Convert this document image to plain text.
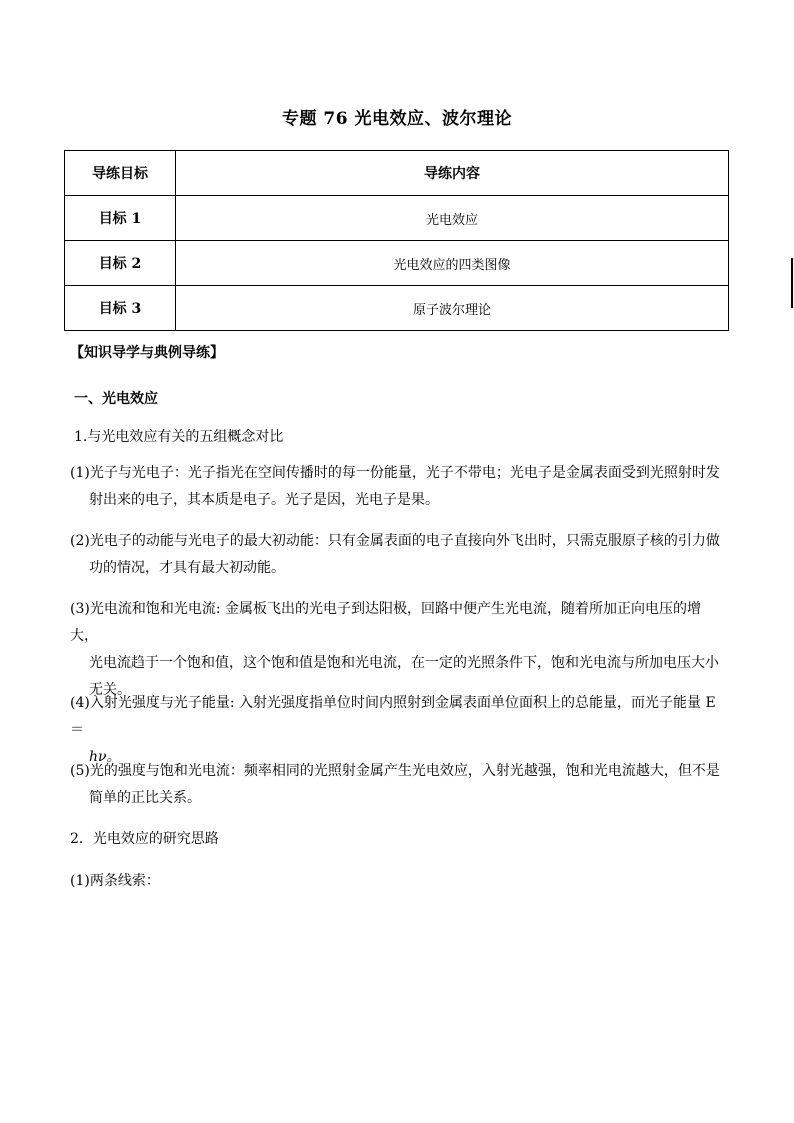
专题 76 光电效应、波尔理论
导练目标	导练内容
目标 1	光电效应
目标 2	光电效应的四类图像
目标 3	原子波尔理论
【知识导学与典例导练】
一、光电效应
1.与光电效应有关的五组概念对比
(1)光子与光电子：光子指光在空间传播时的每一份能量，光子不带电；光电子是金属表面受到光照射时发
射出来的电子，其本质是电子。光子是因，光电子是果。
(2)光电子的动能与光电子的最大初动能：只有金属表面的电子直接向外飞出时，只需克服原子核的引力做
功的情况，才具有最大初动能。
(3)光电流和饱和光电流: 金属板飞出的光电子到达阳极，回路中便产生光电流，随着所加正向电压的增大，
光电流趋于一个饱和值，这个饱和值是饱和光电流，在一定的光照条件下，饱和光电流与所加电压大小
无关。
(4)入射光强度与光子能量: 入射光强度指单位时间内照射到金属表面单位面积上的总能量，而光子能量 E＝
hν。
(5)光的强度与饱和光电流：频率相同的光照射金属产生光电效应，入射光越强，饱和光电流越大，但不是
简单的正比关系。
2．光电效应的研究思路
(1)两条线索：
